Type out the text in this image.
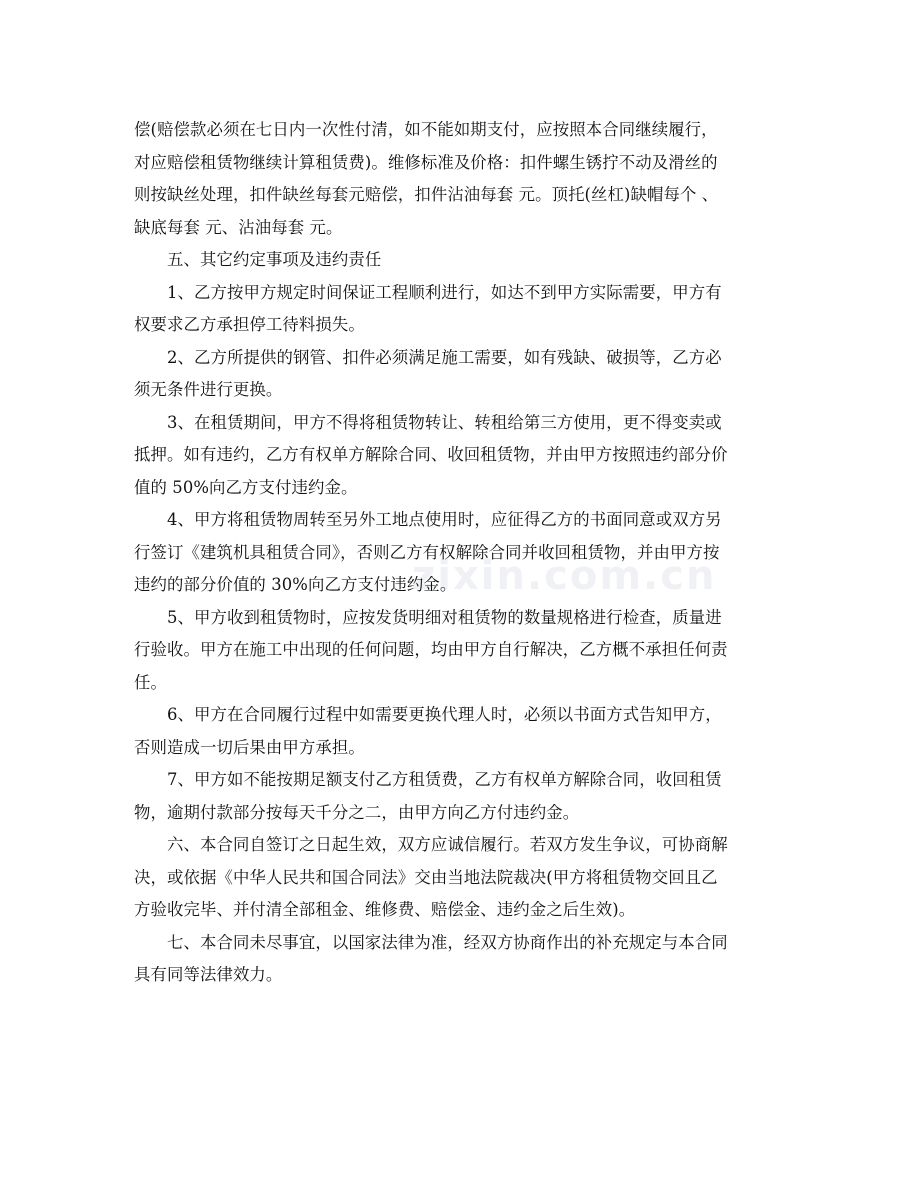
zixin.com.cn
偿(赔偿款必须在七日内一次性付清，如不能如期支付，应按照本合同继续履行，
对应赔偿租赁物继续计算租赁费)。维修标准及价格：扣件螺生锈拧不动及滑丝的
则按缺丝处理，扣件缺丝每套元赔偿，扣件沾油每套 元。顶托(丝杠)缺帽每个 、
缺底每套 元、沾油每套 元。
五、其它约定事项及违约责任
1、乙方按甲方规定时间保证工程顺利进行，如达不到甲方实际需要，甲方有
权要求乙方承担停工待料损失。
2、乙方所提供的钢管、扣件必须满足施工需要，如有残缺、破损等，乙方必
须无条件进行更换。
3、在租赁期间，甲方不得将租赁物转让、转租给第三方使用，更不得变卖或
抵押。如有违约，乙方有权单方解除合同、收回租赁物，并由甲方按照违约部分价
值的 50%向乙方支付违约金。
4、甲方将租赁物周转至另外工地点使用时，应征得乙方的书面同意或双方另
行签订《建筑机具租赁合同》，否则乙方有权解除合同并收回租赁物，并由甲方按
违约的部分价值的 30%向乙方支付违约金。
5、甲方收到租赁物时，应按发货明细对租赁物的数量规格进行检查，质量进
行验收。甲方在施工中出现的任何问题，均由甲方自行解决，乙方概不承担任何责
任。
6、甲方在合同履行过程中如需要更换代理人时，必须以书面方式告知甲方，
否则造成一切后果由甲方承担。
7、甲方如不能按期足额支付乙方租赁费，乙方有权单方解除合同，收回租赁
物，逾期付款部分按每天千分之二，由甲方向乙方付违约金。
六、本合同自签订之日起生效，双方应诚信履行。若双方发生争议，可协商解
决，或依据《中华人民共和国合同法》交由当地法院裁决(甲方将租赁物交回且乙
方验收完毕、并付清全部租金、维修费、赔偿金、违约金之后生效)。
七、本合同未尽事宜，以国家法律为准，经双方协商作出的补充规定与本合同
具有同等法律效力。
